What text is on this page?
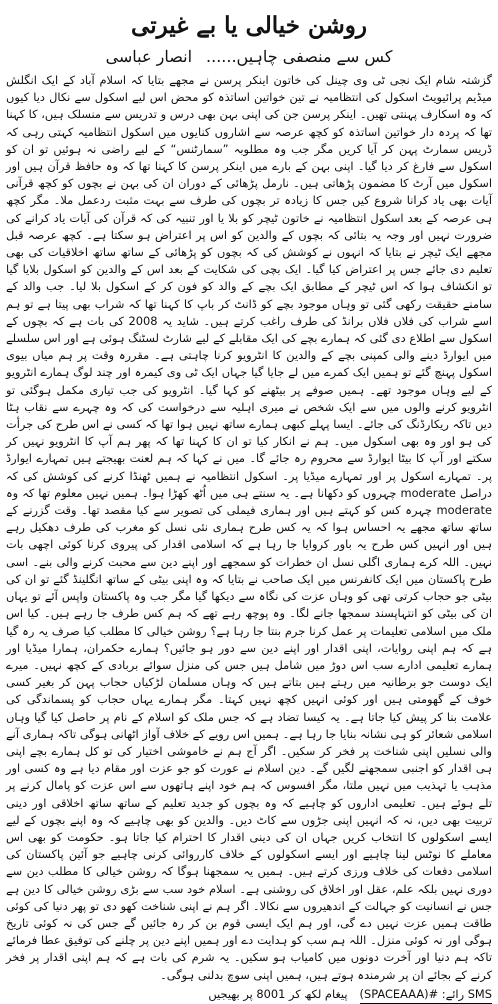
روشن خیالی یا بے غیرتی
کس سے منصفی چاہیں......
انصار عباسی

گزشتہ شام ایک نجی ٹی وی چینل کی خاتون اینکر پرسن نے مجھے بتایا کہ اسلام آباد کے ایک انگلش میڈیم پرائیویٹ اسکول کی انتظامیہ نے تین خواتین اساتذہ کو محض اس لیے اسکول سے نکال دیا کیوں کہ وہ اسکارف پہنتی تھیں۔ اینکر پرسن جن کی اپنی بہن بھی درس و تدریس سے منسلک ہیں، کا کہنا تھا کہ پردہ دار خواتین اساتذہ کو کچھ عرصہ سے اشاروں کنایوں میں اسکول انتظامیہ کہتی رہی کہ ڈریس سمارٹ پہن کر آیا کریں مگر جب وہ مطلوبہ ”سمارٹنس“ کے لیے راضی نہ ہوئیں تو ان کو اسکول سے فارغ کر دیا گیا۔ اپنی بہن کے بارے میں اینکر پرسن کا کہنا تھا کہ وہ حافظ قرآن ہیں اور اسکول میں آرٹ کا مضمون پڑھاتی ہیں۔ نارمل پڑھائی کے دوران ان کی بہن نے بچوں کو کچھ قرآنی آیات بھی یاد کرانا شروع کیں جس کا زیادہ تر بچوں کی طرف سے بہت مثبت ردعمل ملا۔ مگر کچھ ہی عرصہ کے بعد اسکول انتظامیہ نے خاتون ٹیچر کو بلا یا اور تنبیہ کی کہ قرآن کی آیات یاد کرانے کی ضرورت نہیں اور وجہ یہ بتائی کہ بچوں کے والدین کو اس پر اعتراض ہو سکتا ہے۔ کچھ عرصہ قبل مجھے ایک ٹیچر نے بتایا کہ انہوں نے کوشش کی کہ بچوں کو پڑھائی کے ساتھ ساتھ اخلاقیات کی بھی تعلیم دی جائے جس پر اعتراض کیا گیا۔ ایک بچی کی شکایت کے بعد اس کے والدین کو اسکول بلایا گیا تو انکشاف ہوا کہ اس ٹیچر کے مطابق ایک بچے کے والد کو فون کر کے اسکول بلا لیا۔ جب والد کے سامنے حقیقت رکھی گئی تو وہاں موجود بچے کو ڈانٹ کر باپ کا کہنا تھا کہ شراب بھی پیتا ہے تو ہم اسے شراب کی فلاں فلاں برانڈ کی طرف راغب کرتے ہیں۔ شاید یہ 2008 کی بات ہے کہ بچوں کے اسکول سے اطلاع دی گئی کہ ہمارے بچے کی ایک مقابلے کے لیے شارٹ لسٹنگ ہوئی ہے اور اس سلسلے میں ایوارڈ دینے والی کمپنی بچے کے والدین کا انٹرویو کرنا چاہتی ہے۔ مقررہ وقت پر ہم میاں بیوی اسکول پہنچ گئے تو ہمیں ایک کمرے میں لے جایا گیا جہاں ایک ٹی وی کیمرہ اور چند لوگ ہمارے انٹرویو کے لیے وہاں موجود تھے۔ ہمیں صوفے پر بیٹھنے کو کہا گیا۔ انٹرویو کی جب تیاری مکمل ہوگئی تو انٹرویو کرنے والوں میں سے ایک شخص نے میری اہلیہ سے درخواست کی کہ وہ چہرے سے نقاب ہٹا دیں تاکہ ریکارڈنگ کی جائے۔ ایسا پہلے کبھی ہمارے ساتھ نہیں ہوا تھا کہ کسی نے اس طرح کی جرأت کی ہو اور وہ بھی اسکول میں۔ ہم نے انکار کیا تو ان کا کہنا تھا کہ پھر ہم آپ کا انٹرویو نہیں کر سکتے اور آپ کا بیٹا ایوارڈ سے محروم رہ جائے گا۔ میں نے کہا کہ ہم لعنت بھیجتے ہیں تمہارے ایوارڈ پر۔ تمہارے اسکول پر اور تمہارے میڈیا پر۔ اسکول انتظامیہ نے ہمیں ٹھنڈا کرنے کی کوشش کی کہ دراصل moderate چہروں کو دکھانا ہے۔ یہ سنتے ہی میں اُٹھ کھڑا ہوا۔ ہمیں نہیں معلوم تھا کہ وہ moderate چہرہ کس کو کہتے ہیں اور ہماری فیملی کی تصویر سے کیا مقصد تھا۔ وقت گزرنے کے ساتھ ساتھ مجھے یہ احساس ہوا کہ یہ کس طرح ہماری نئی نسل کو مغرب کی طرف دھکیل رہے ہیں اور انہیں کس طرح یہ باور کروایا جا رہا ہے کہ اسلامی اقدار کی پیروی کرنا کوئی اچھی بات نہیں۔ اللہ کرے ہماری اگلی نسل ان خطرات کو سمجھے اور اپنے دین سے محبت کرنے والی بنے۔ اسی طرح پاکستان میں ایک کانفرنس میں ایک صاحب نے بتایا کہ وہ اپنی بیٹی کے ساتھ انگلینڈ گئے تو ان کی بیٹی جو حجاب کرتی تھی کو وہاں عزت کی نگاہ سے دیکھا گیا مگر جب وہ پاکستان واپس آئے تو یہاں ان کی بیٹی کو انتہاپسند سمجھا جانے لگا۔ وہ پوچھ رہے تھے کہ ہم کس طرف جا رہے ہیں۔ کیا اس ملک میں اسلامی تعلیمات پر عمل کرنا جرم بنتا جا رہا ہے؟ روشن خیالی کا مطلب کیا صرف یہ رہ گیا ہے کہ ہم اپنی روایات، اپنی اقدار اور اپنے دین سے دور ہو جائیں؟ ہمارے حکمران، ہمارا میڈیا اور ہمارے تعلیمی ادارے سب اس دوڑ میں شامل ہیں جس کی منزل سوائے بربادی کے کچھ نہیں۔ میرے ایک دوست جو برطانیہ میں رہتے ہیں بتاتے ہیں کہ وہاں مسلمان لڑکیاں حجاب پہن کر بغیر کسی خوف کے گھومتی ہیں اور کوئی انہیں کچھ نہیں کہتا۔ مگر ہمارے یہاں حجاب کو پسماندگی کی علامت بنا کر پیش کیا جاتا ہے۔ یہ کیسا تضاد ہے کہ جس ملک کو اسلام کے نام پر حاصل کیا گیا وہاں اسلامی شعائر کو ہی نشانہ بنایا جا رہا ہے۔ ہمیں اس رویے کے خلاف آواز اٹھانی ہوگی تاکہ ہماری آنے والی نسلیں اپنی شناخت پر فخر کر سکیں۔ اگر آج ہم نے خاموشی اختیار کی تو کل ہمارے بچے اپنی ہی اقدار کو اجنبی سمجھنے لگیں گے۔ دین اسلام نے عورت کو جو عزت اور مقام دیا ہے وہ کسی اور مذہب یا تہذیب میں نہیں ملتا، مگر افسوس کہ ہم خود اپنے ہاتھوں سے اس عزت کو پامال کرنے پر تلے ہوئے ہیں۔ تعلیمی اداروں کو چاہیے کہ وہ بچوں کو جدید تعلیم کے ساتھ ساتھ اخلاقی اور دینی تربیت بھی دیں، نہ کہ انہیں اپنی جڑوں سے کاٹ دیں۔ والدین کو بھی چاہیے کہ وہ اپنے بچوں کے لیے ایسے اسکولوں کا انتخاب کریں جہاں ان کی دینی اقدار کا احترام کیا جاتا ہو۔ حکومت کو بھی اس معاملے کا نوٹس لینا چاہیے اور ایسے اسکولوں کے خلاف کارروائی کرنی چاہیے جو آئین پاکستان کی اسلامی دفعات کی خلاف ورزی کرتے ہیں۔ ہمیں یہ سمجھنا ہوگا کہ روشن خیالی کا مطلب دین سے دوری نہیں بلکہ علم، عقل اور اخلاق کی روشنی ہے۔ اسلام خود سب سے بڑی روشن خیالی کا دین ہے جس نے انسانیت کو جہالت کے اندھیروں سے نکالا۔ اگر ہم نے اپنی شناخت کھو دی تو پھر دنیا کی کوئی طاقت ہمیں عزت نہیں دے گی، اور ہم ایک ایسی قوم بن کر رہ جائیں گے جس کی نہ کوئی تاریخ ہوگی اور نہ کوئی منزل۔ اللہ ہم سب کو ہدایت دے اور ہمیں اپنے دین پر چلنے کی توفیق عطا فرمائے تاکہ ہم دنیا اور آخرت دونوں میں کامیاب ہو سکیں۔ یہ شرم کی بات ہے کہ ہم اپنی اقدار پر فخر کرنے کے بجائے ان پر شرمندہ ہوتے ہیں، ہمیں اپنی سوچ بدلنی ہوگی۔

SMS رائے: #(SPACEAAA)
پیغام لکھ کر 8001 پر بھیجیں
